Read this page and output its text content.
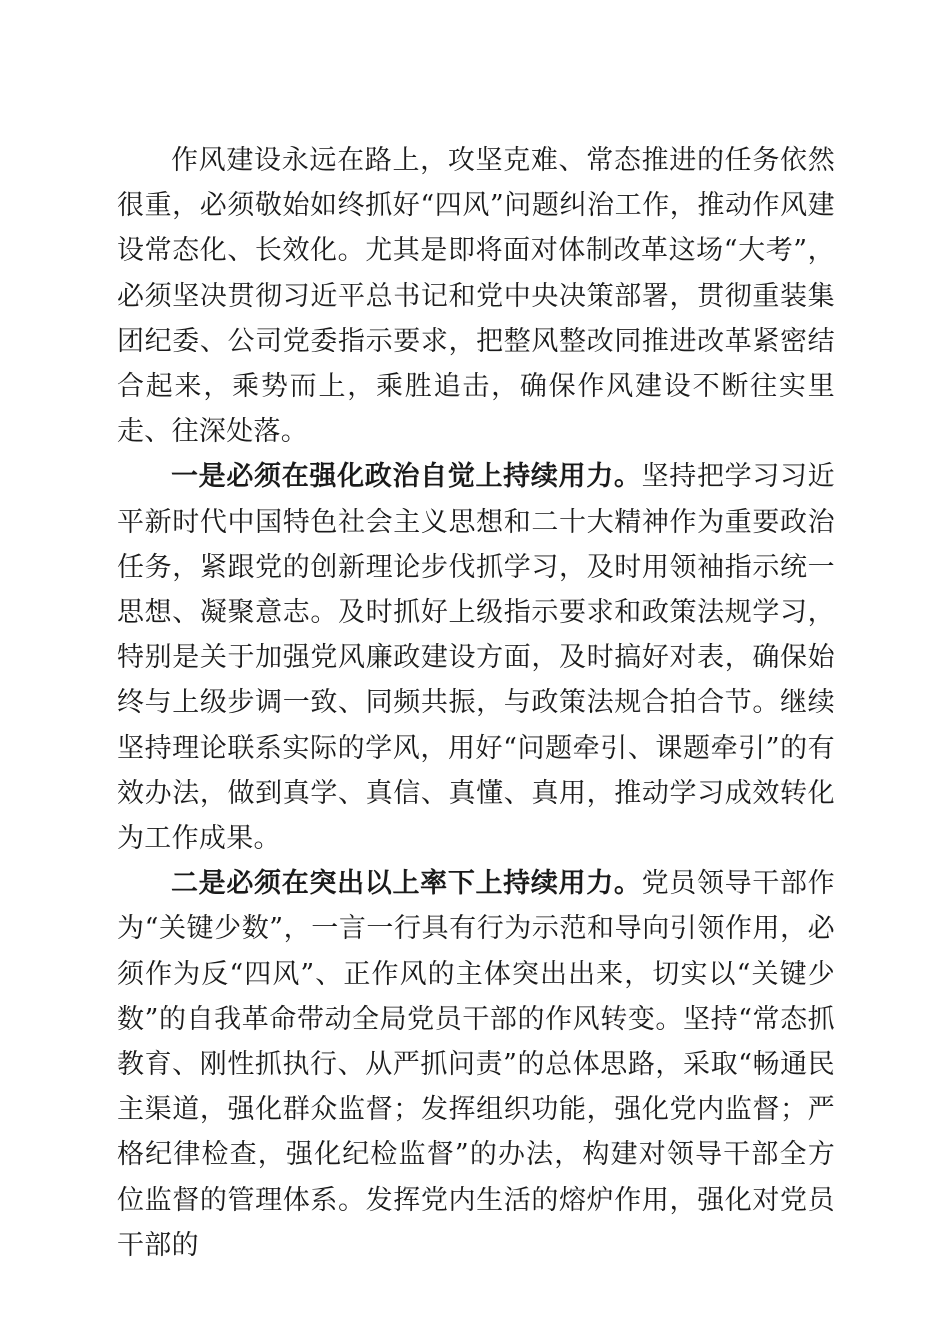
作风建设永远在路上，攻坚克难、常态推进的任务依然很重，必须敬始如终抓好“四风”问题纠治工作，推动作风建设常态化、长效化。尤其是即将面对体制改革这场“大考”，必须坚决贯彻习近平总书记和党中央决策部署，贯彻重装集团纪委、公司党委指示要求，把整风整改同推进改革紧密结合起来，乘势而上，乘胜追击，确保作风建设不断往实里走、往深处落。

一是必须在强化政治自觉上持续用力。坚持把学习习近平新时代中国特色社会主义思想和二十大精神作为重要政治任务，紧跟党的创新理论步伐抓学习，及时用领袖指示统一思想、凝聚意志。及时抓好上级指示要求和政策法规学习，特别是关于加强党风廉政建设方面，及时搞好对表，确保始终与上级步调一致、同频共振，与政策法规合拍合节。继续坚持理论联系实际的学风，用好“问题牵引、课题牵引”的有效办法，做到真学、真信、真懂、真用，推动学习成效转化为工作成果。

二是必须在突出以上率下上持续用力。党员领导干部作为“关键少数”，一言一行具有行为示范和导向引领作用，必须作为反“四风”、正作风的主体突出出来，切实以“关键少数”的自我革命带动全局党员干部的作风转变。坚持“常态抓教育、刚性抓执行、从严抓问责”的总体思路，采取“畅通民主渠道，强化群众监督；发挥组织功能，强化党内监督；严格纪律检查，强化纪检监督”的办法，构建对领导干部全方位监督的管理体系。发挥党内生活的熔炉作用，强化对党员干部的
